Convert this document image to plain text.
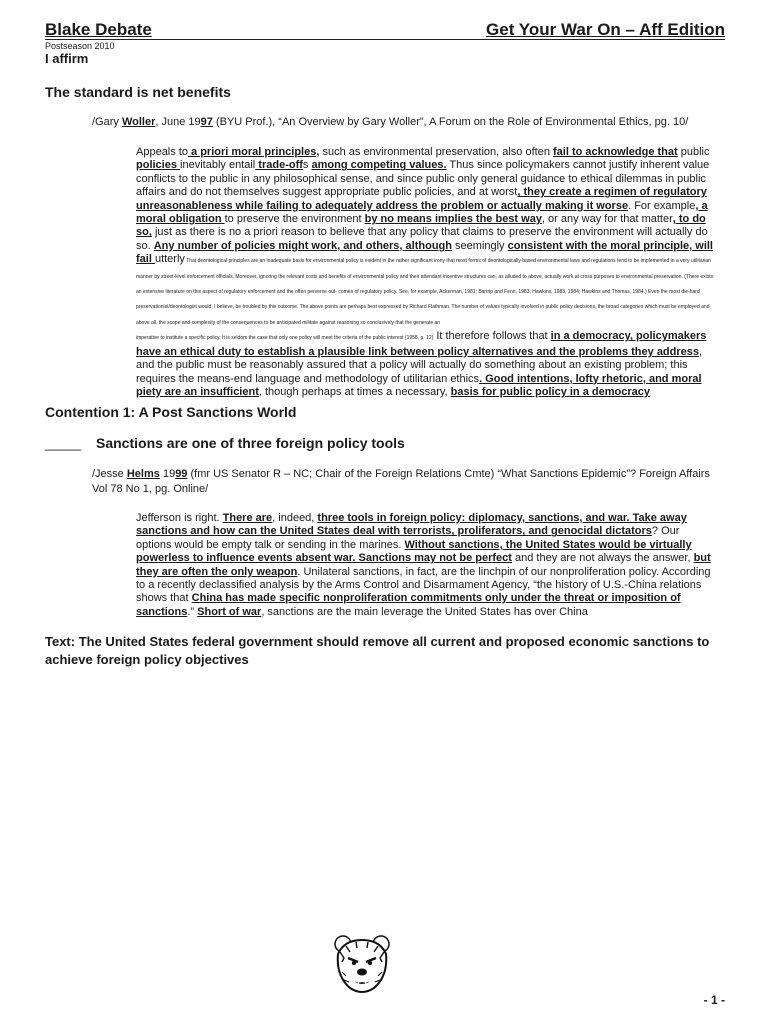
Blake Debate	Get Your War On – Aff Edition
Postseason 2010
I affirm
The standard is net benefits
/Gary Woller, June 1997 (BYU Prof.), “An Overview by Gary Woller”, A Forum on the Role of Environmental Ethics, pg. 10/
Appeals to a priori moral principles, such as environmental preservation, also often fail to acknowledge that public policies inevitably entail trade-offs among competing values. Thus since policymakers cannot justify inherent value conflicts to the public in any philosophical sense, and since public only general guidance to ethical dilemmas in public affairs and do not themselves suggest appropriate public policies, and at worst, they create a regimen of regulatory unreasonableness while failing to adequately address the problem or actually making it worse. For example, a moral obligation to preserve the environment by no means implies the best way, or any way for that matter, to do so, just as there is no a priori reason to believe that any policy that claims to preserve the environment will actually do so. Any number of policies might work, and others, although seemingly consistent with the moral principle, will fail utterly That deontological principles are an inadequate basis for environmental policy is evident in the rather significant irony that most forms of deontologically based environmental laws and regulations tend to be implemented in a very utilitarian manner by street-level enforcement officials. Moreover, ignoring the relevant costs and benefits of environmental policy and their attendant incentive structures can, as alluded to above, actually work at cross purposes to environmental preservation. (There exists an extensive literature on this aspect of regulatory enforcement and the often perverse out- comes of regulatory policy. See, for example, Ackerman, 1981; Bartrip and Fenn, 1983; Hawkins, 1983, 1984; Hawkins and Thomas, 1984.) Even the most die-hard preservationist/deontologist would, I believe, be troubled by this outcome. The above points are perhaps best expressed by Richard Flathman. The number of values typically involved in public policy decisions, the broad categories which must be employed and above all, the scope and complexity of the consequences to be anticipated militate against reasoning so conclusively that the generate an
imperative to institute a specific policy. It is seldom the case that only one policy will meet the criteria of the public interest (1958, p. 12) It therefore follows that in a democracy, policymakers have an ethical duty to establish a plausible link between policy alternatives and the problems they address, and the public must be reasonably assured that a policy will actually do something about an existing problem; this requires the means-end language and methodology of utilitarian ethics. Good intentions, lofty rhetoric, and moral piety are an insufficient, though perhaps at times a necessary, basis for public policy in a democracy
Contention 1: A Post Sanctions World
_____ Sanctions are one of three foreign policy tools
/Jesse Helms 1999 (fmr US Senator R – NC; Chair of the Foreign Relations Cmte) “What Sanctions Epidemic”? Foreign Affairs Vol 78 No 1, pg. Online/
Jefferson is right. There are, indeed, three tools in foreign policy: diplomacy, sanctions, and war. Take away sanctions and how can the United States deal with terrorists, proliferators, and genocidal dictators? Our options would be empty talk or sending in the marines. Without sanctions, the United States would be virtually powerless to influence events absent war. Sanctions may not be perfect and they are not always the answer, but they are often the only weapon. Unilateral sanctions, in fact, are the linchpin of our nonproliferation policy. According to a recently declassified analysis by the Arms Control and Disarmament Agency, “the history of U.S.-China relations shows that China has made specific nonproliferation commitments only under the threat or imposition of sanctions.” Short of war, sanctions are the main leverage the United States has over China
Text: The United States federal government should remove all current and proposed economic sanctions to achieve foreign policy objectives
- 1 -
